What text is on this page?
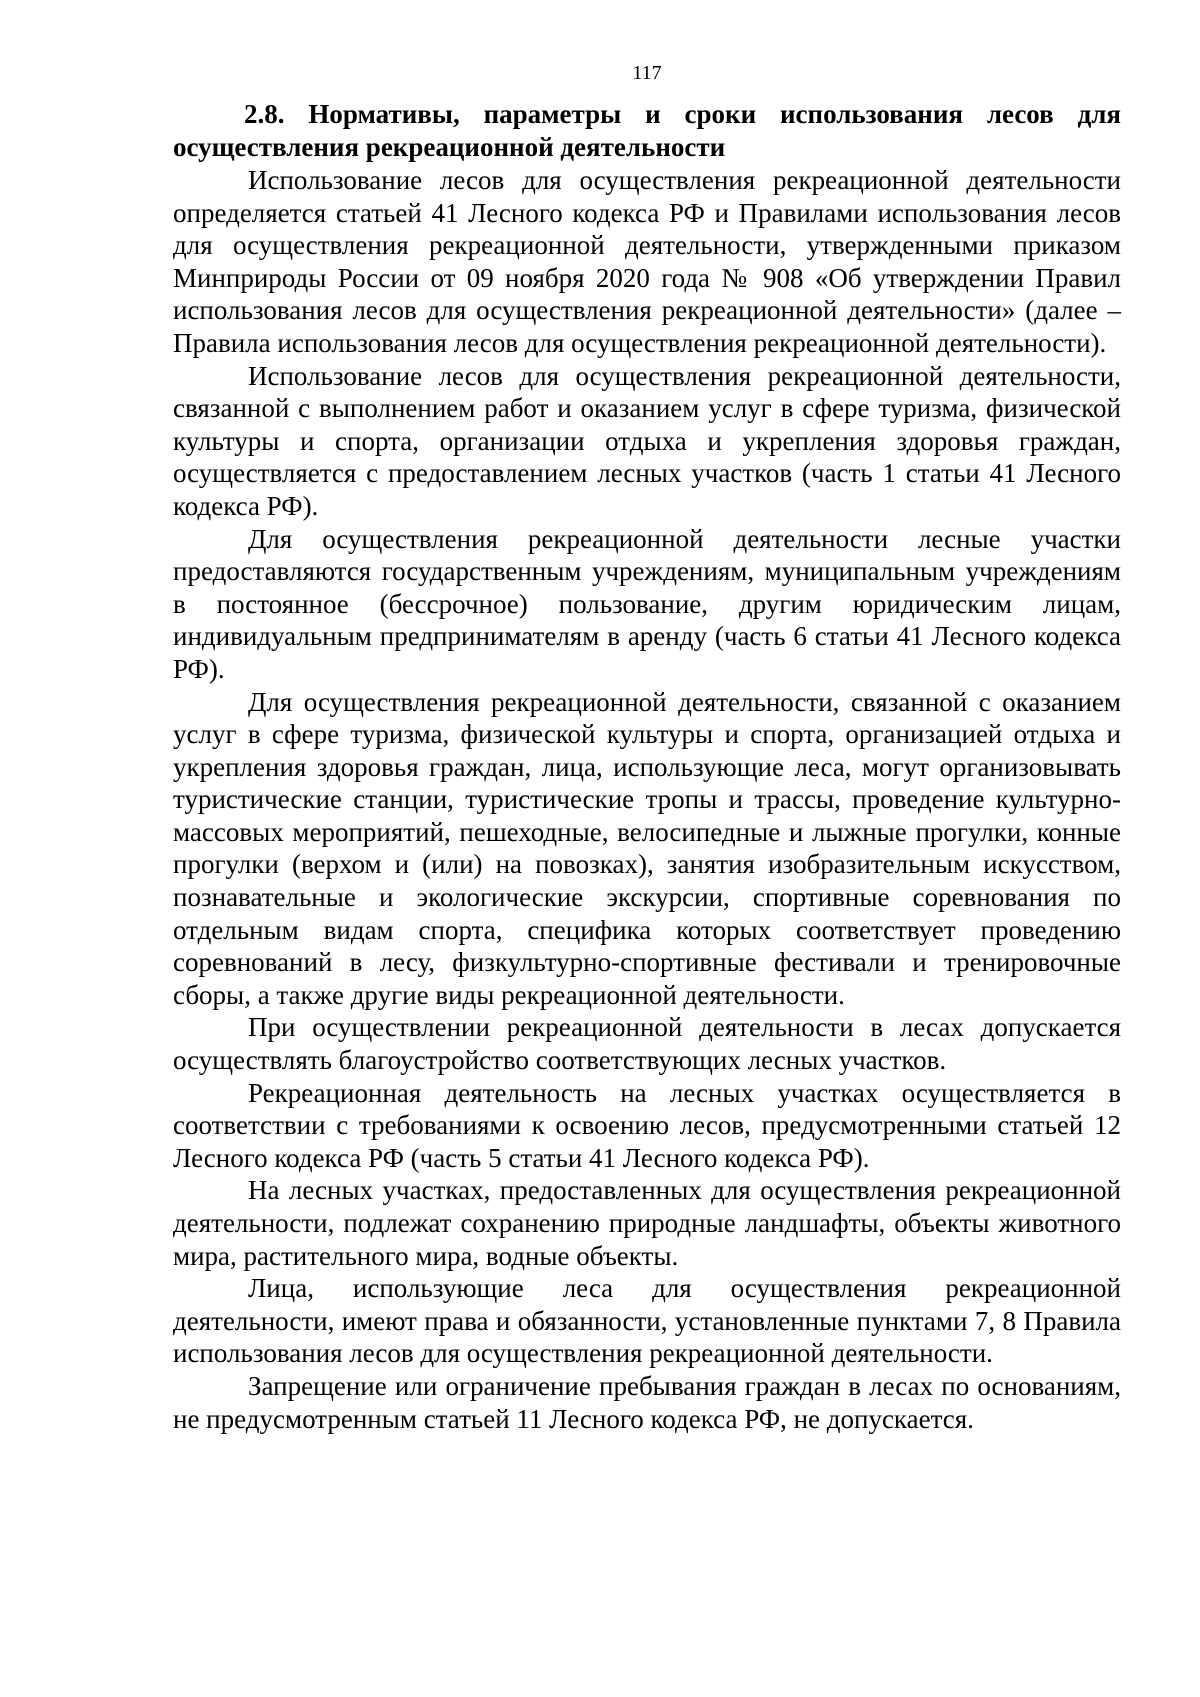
117

2.8. Нормативы, параметры и сроки использования лесов для осуществления рекреационной деятельности

Использование лесов для осуществления рекреационной деятельности определяется статьей 41 Лесного кодекса РФ и Правилами использования лесов для осуществления рекреационной деятельности, утвержденными приказом Минприроды России от 09 ноября 2020 года № 908 «Об утверждении Правил использования лесов для осуществления рекреационной деятельности» (далее – Правила использования лесов для осуществления рекреационной деятельности).

Использование лесов для осуществления рекреационной деятельности, связанной с выполнением работ и оказанием услуг в сфере туризма, физической культуры и спорта, организации отдыха и укрепления здоровья граждан, осуществляется с предоставлением лесных участков (часть 1 статьи 41 Лесного кодекса РФ).

Для осуществления рекреационной деятельности лесные участки предоставляются государственным учреждениям, муниципальным учреждениям в постоянное (бессрочное) пользование, другим юридическим лицам, индивидуальным предпринимателям в аренду (часть 6 статьи 41 Лесного кодекса РФ).

Для осуществления рекреационной деятельности, связанной с оказанием услуг в сфере туризма, физической культуры и спорта, организацией отдыха и укрепления здоровья граждан, лица, использующие леса, могут организовывать туристические станции, туристические тропы и трассы, проведение культурно-массовых мероприятий, пешеходные, велосипедные и лыжные прогулки, конные прогулки (верхом и (или) на повозках), занятия изобразительным искусством, познавательные и экологические экскурсии, спортивные соревнования по отдельным видам спорта, специфика которых соответствует проведению соревнований в лесу, физкультурно-спортивные фестивали и тренировочные сборы, а также другие виды рекреационной деятельности.

При осуществлении рекреационной деятельности в лесах допускается осуществлять благоустройство соответствующих лесных участков.

Рекреационная деятельность на лесных участках осуществляется в соответствии с требованиями к освоению лесов, предусмотренными статьей 12 Лесного кодекса РФ (часть 5 статьи 41 Лесного кодекса РФ).

На лесных участках, предоставленных для осуществления рекреационной деятельности, подлежат сохранению природные ландшафты, объекты животного мира, растительного мира, водные объекты.

Лица, использующие леса для осуществления рекреационной деятельности, имеют права и обязанности, установленные пунктами 7, 8 Правила использования лесов для осуществления рекреационной деятельности.

Запрещение или ограничение пребывания граждан в лесах по основаниям, не предусмотренным статьей 11 Лесного кодекса РФ, не допускается.
